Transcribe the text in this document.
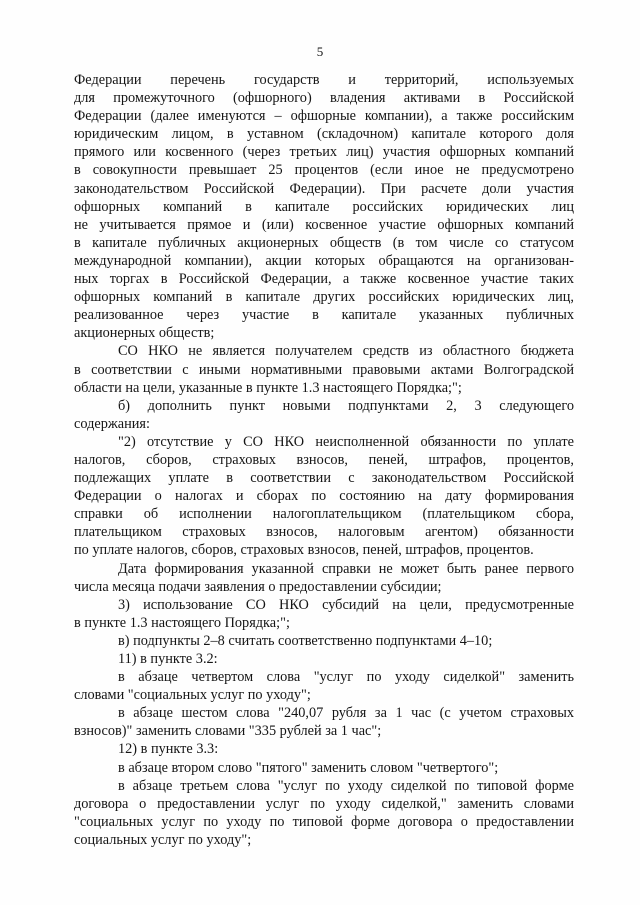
5
Федерации перечень государств и территорий, используемых
для промежуточного (офшорного) владения активами в Российской
Федерации (далее именуются – офшорные компании), а также российским
юридическим лицом, в уставном (складочном) капитале которого доля
прямого или косвенного (через третьих лиц) участия офшорных компаний
в совокупности превышает 25 процентов (если иное не предусмотрено
законодательством Российской Федерации). При расчете доли участия
офшорных компаний в капитале российских юридических лиц
не учитывается прямое и (или) косвенное участие офшорных компаний
в капитале публичных акционерных обществ (в том числе со статусом
международной компании), акции которых обращаются на организован-
ных торгах в Российской Федерации, а также косвенное участие таких
офшорных компаний в капитале других российских юридических лиц,
реализованное через участие в капитале указанных публичных
акционерных обществ;
СО НКО не является получателем средств из областного бюджета
в соответствии с иными нормативными правовыми актами Волгоградской
области на цели, указанные в пункте 1.3 настоящего Порядка;";
б) дополнить пункт новыми подпунктами 2, 3 следующего
содержания:
"2) отсутствие у СО НКО неисполненной обязанности по уплате
налогов, сборов, страховых взносов, пеней, штрафов, процентов,
подлежащих уплате в соответствии с законодательством Российской
Федерации о налогах и сборах по состоянию на дату формирования
справки об исполнении налогоплательщиком (плательщиком сбора,
плательщиком страховых взносов, налоговым агентом) обязанности
по уплате налогов, сборов, страховых взносов, пеней, штрафов, процентов.
Дата формирования указанной справки не может быть ранее первого
числа месяца подачи заявления о предоставлении субсидии;
3) использование СО НКО субсидий на цели, предусмотренные
в пункте 1.3 настоящего Порядка;";
в) подпункты 2–8 считать соответственно подпунктами 4–10;
11) в пункте 3.2:
в абзаце четвертом слова "услуг по уходу сиделкой" заменить
словами "социальных услуг по уходу";
в абзаце шестом слова "240,07 рубля за 1 час (с учетом страховых
взносов)" заменить словами "335 рублей за 1 час";
12) в пункте 3.3:
в абзаце втором слово "пятого" заменить словом "четвертого";
в абзаце третьем слова "услуг по уходу сиделкой по типовой форме
договора о предоставлении услуг по уходу сиделкой," заменить словами
"социальных услуг по уходу по типовой форме договора о предоставлении
социальных услуг по уходу";
